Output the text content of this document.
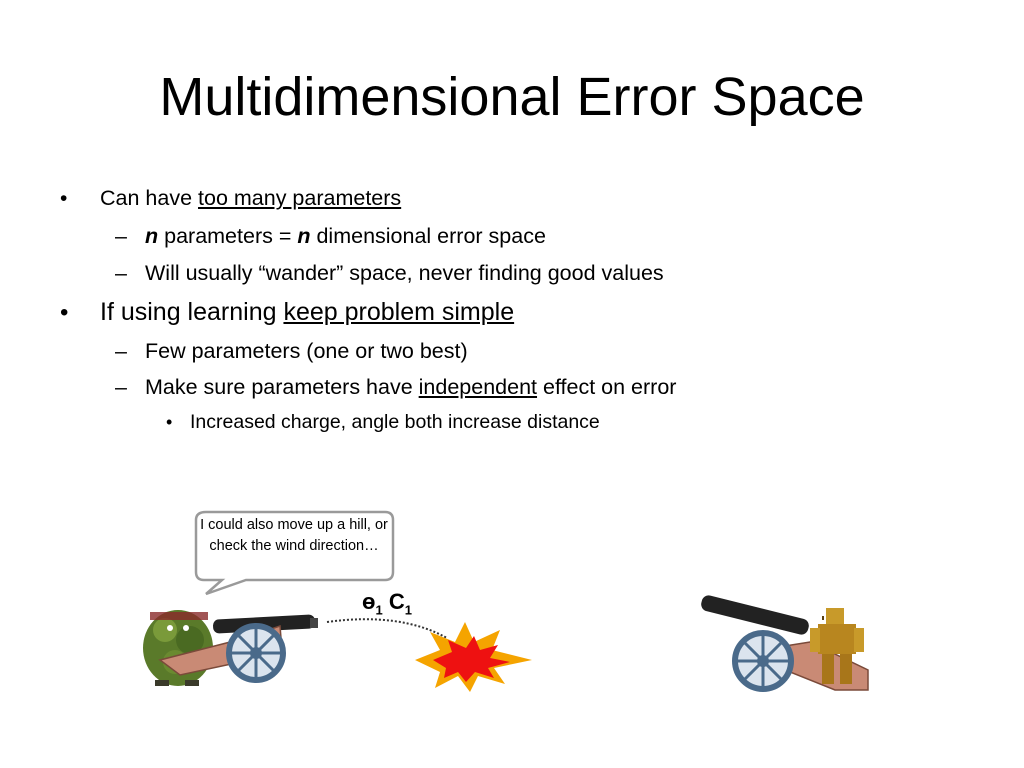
Multidimensional Error Space
• Can have too many parameters
– n parameters = n dimensional error space
– Will usually “wander” space, never finding good values
• If using learning keep problem simple
– Few parameters (one or two best)
– Make sure parameters have independent effect on error
• Increased charge, angle both increase distance
I could also move up a hill, or check the wind direction…
$ө_1$ $C_1$
